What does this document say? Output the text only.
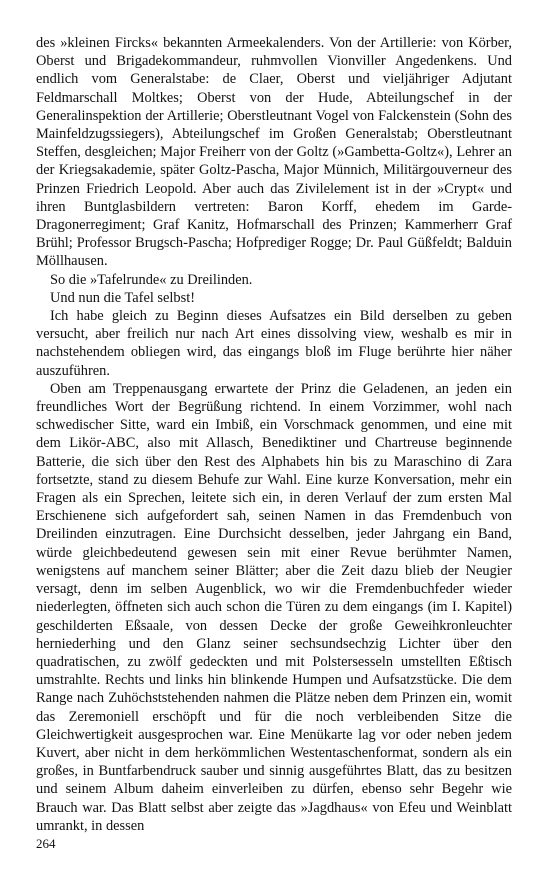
des »kleinen Fircks« bekannten Armeekalenders. Von der Artillerie: von Körber, Oberst und Brigadekommandeur, ruhmvollen Vionviller Angedenkens. Und endlich vom Generalstabe: de Claer, Oberst und vieljähriger Adjutant Feldmarschall Moltkes; Oberst von der Hude, Abteilungschef in der Generalinspektion der Artillerie; Oberstleutnant Vogel von Falckenstein (Sohn des Mainfeldzugssiegers), Abteilungschef im Großen Generalstab; Oberstleutnant Steffen, desgleichen; Major Freiherr von der Goltz (»Gambetta-Goltz«), Lehrer an der Kriegsakademie, später Goltz-Pascha, Major Münnich, Militärgouverneur des Prinzen Friedrich Leopold. Aber auch das Zivilelement ist in der »Crypt« und ihren Buntglasbildern vertreten: Baron Korff, ehedem im Garde-Dragonerregiment; Graf Kanitz, Hofmarschall des Prinzen; Kammerherr Graf Brühl; Professor Brugsch-Pascha; Hofprediger Rogge; Dr. Paul Güßfeldt; Balduin Möllhausen.

So die »Tafelrunde« zu Dreilinden.

Und nun die Tafel selbst!

Ich habe gleich zu Beginn dieses Aufsatzes ein Bild derselben zu geben versucht, aber freilich nur nach Art eines dissolving view, weshalb es mir in nachstehendem obliegen wird, das eingangs bloß im Fluge berührte hier näher auszuführen.

Oben am Treppenausgang erwartete der Prinz die Geladenen, an jeden ein freundliches Wort der Begrüßung richtend. In einem Vorzimmer, wohl nach schwedischer Sitte, ward ein Imbiß, ein Vorschmack genommen, und eine mit dem Likör-ABC, also mit Allasch, Benediktiner und Chartreuse beginnende Batterie, die sich über den Rest des Alphabets hin bis zu Maraschino di Zara fortsetzte, stand zu diesem Behufe zur Wahl. Eine kurze Konversation, mehr ein Fragen als ein Sprechen, leitete sich ein, in deren Verlauf der zum ersten Mal Erschienene sich aufgefordert sah, seinen Namen in das Fremdenbuch von Dreilinden einzutragen. Eine Durchsicht desselben, jeder Jahrgang ein Band, würde gleichbedeutend gewesen sein mit einer Revue berühmter Namen, wenigstens auf manchem seiner Blätter; aber die Zeit dazu blieb der Neugier versagt, denn im selben Augenblick, wo wir die Fremdenbuchfeder wieder niederlegten, öffneten sich auch schon die Türen zu dem eingangs (im I. Kapitel) geschilderten Eßsaale, von dessen Decke der große Geweihkronleuchter herniederhing und den Glanz seiner sechsundsechzig Lichter über den quadratischen, zu zwölf gedeckten und mit Polstersesseln umstellten Eßtisch umstrahlte. Rechts und links hin blinkende Humpen und Aufsatzstücke. Die dem Range nach Zuhöchststehenden nahmen die Plätze neben dem Prinzen ein, womit das Zeremoniell erschöpft und für die noch verbleibenden Sitze die Gleichwertigkeit ausgesprochen war. Eine Menükarte lag vor oder neben jedem Kuvert, aber nicht in dem herkömmlichen Westentaschenformat, sondern als ein großes, in Buntfarbendruck sauber und sinnig ausgeführtes Blatt, das zu besitzen und seinem Album daheim einverleiben zu dürfen, ebenso sehr Begehr wie Brauch war. Das Blatt selbst aber zeigte das »Jagdhaus« von Efeu und Weinblatt umrankt, in dessen

264
